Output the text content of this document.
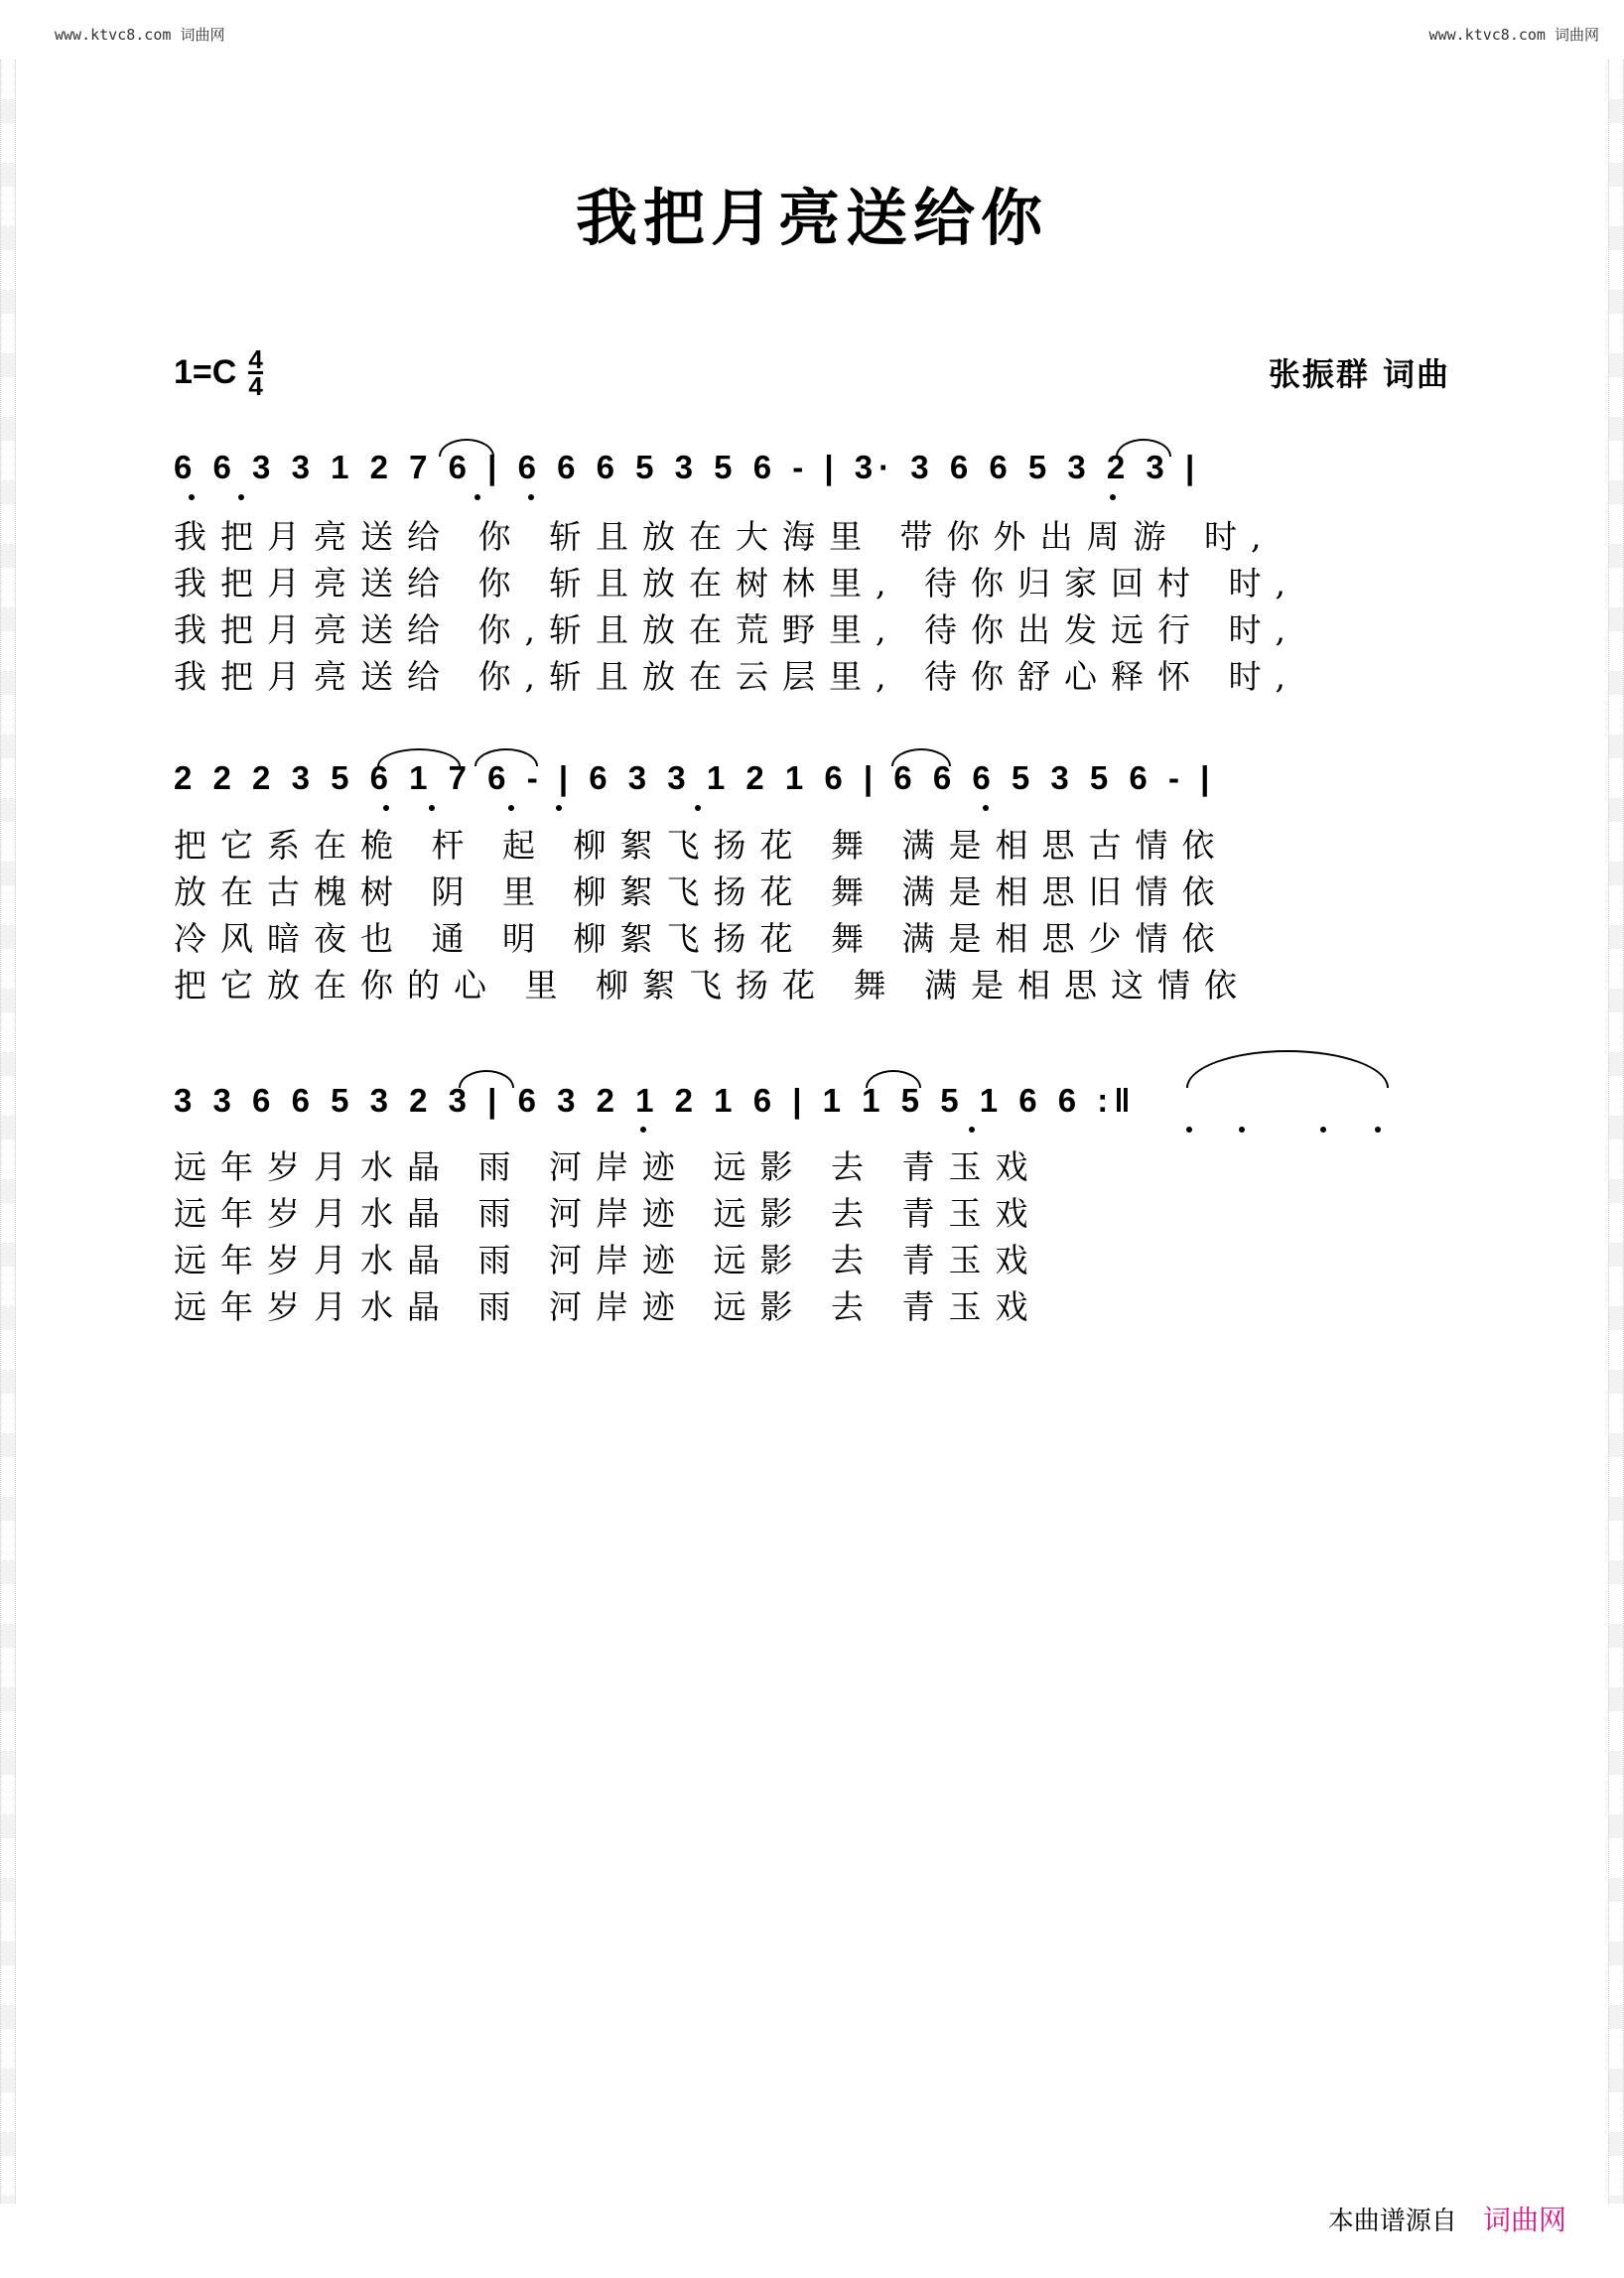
www.ktvc8.com 词曲网	www.ktvc8.com 词曲网
我把月亮送给你
$1=C \frac{4}{4}$	张振群 词曲
6 6 3 3 1 2 7 6 | 6 6 6 5 3 5 6 - | 3· 3 6 6 5 3 2 3 |
我把月亮送给 你 斩且放在大海里 带你外出周游 时,
我把月亮送给 你 斩且放在树林里, 待你归家回村 时,
我把月亮送给 你,斩且放在荒野里, 待你出发远行 时,
我把月亮送给 你,斩且放在云层里, 待你舒心释怀 时,
2 2 2 3 5 6 1 7 6 - | 6 3 3 1 2 1 6 | 6 6 6 5 3 5 6 - |
把它系在桅 杆 起 柳絮飞扬花 舞 满是相思古情依
放在古槐树 阴 里 柳絮飞扬花 舞 满是相思旧情依
冷风暗夜也 通 明 柳絮飞扬花 舞 满是相思少情依
把它放在你的心 里 柳絮飞扬花 舞 满是相思这情依
3 3 6 6 5 3 2 3 | 6 3 2 1 2 1 6 | 1 1 5 5 1 6 6 :‖
远年岁月水晶 雨 河岸迹 远影 去 青玉戏
远年岁月水晶 雨 河岸迹 远影 去 青玉戏
远年岁月水晶 雨 河岸迹 远影 去 青玉戏
远年岁月水晶 雨 河岸迹 远影 去 青玉戏
本曲谱源自 词曲网
